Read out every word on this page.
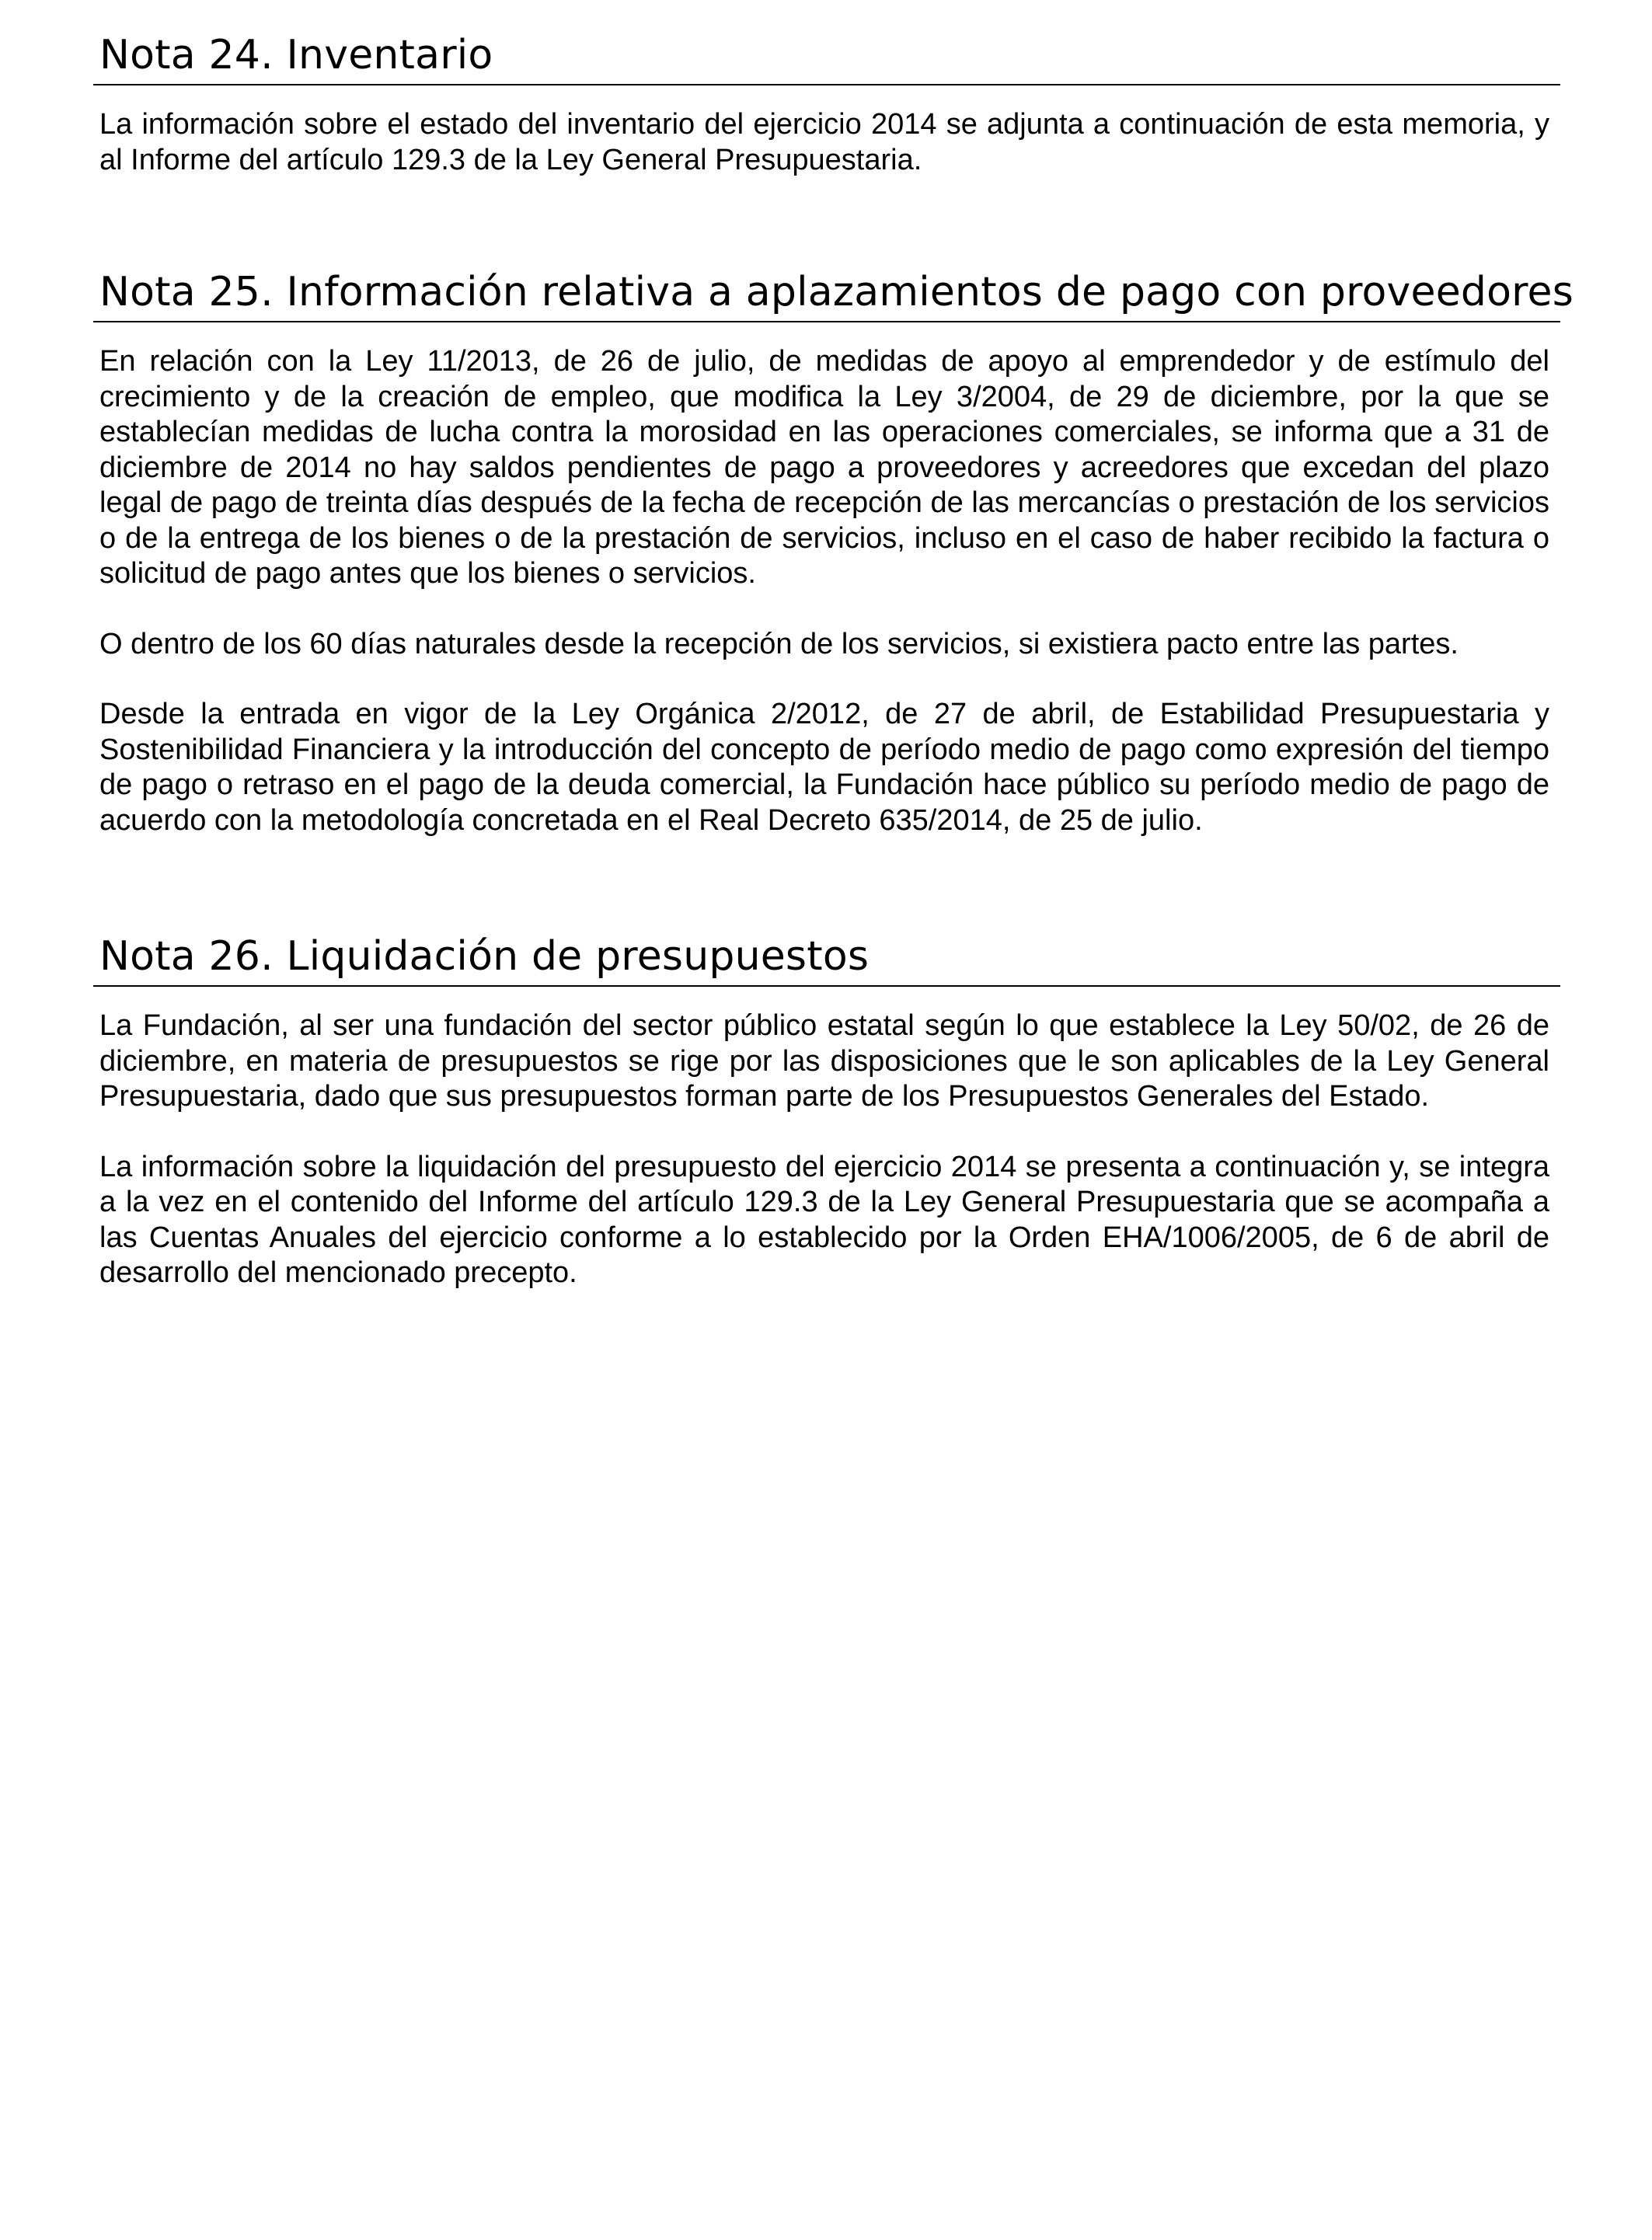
Nota 24. Inventario

La información sobre el estado del inventario del ejercicio 2014 se adjunta a continuación de esta memoria, y al Informe del artículo 129.3 de la Ley General Presupuestaria.

Nota 25. Información relativa a aplazamientos de pago con proveedores

En relación con la Ley 11/2013, de 26 de julio, de medidas de apoyo al emprendedor y de estímulo del crecimiento y de la creación de empleo, que modifica la Ley 3/2004, de 29 de diciembre, por la que se establecían medidas de lucha contra la morosidad en las operaciones comerciales, se informa que a 31 de diciembre de 2014 no hay saldos pendientes de pago a proveedores y acreedores que excedan del plazo legal de pago de treinta días después de la fecha de recepción de las mercancías o prestación de los servicios o de la entrega de los bienes o de la prestación de servicios, incluso en el caso de haber recibido la factura o solicitud de pago antes que los bienes o servicios.

O dentro de los 60 días naturales desde la recepción de los servicios, si existiera pacto entre las partes.

Desde la entrada en vigor de la Ley Orgánica 2/2012, de 27 de abril, de Estabilidad Presupuestaria y Sostenibilidad Financiera y la introducción del concepto de período medio de pago como expresión del tiempo de pago o retraso en el pago de la deuda comercial, la Fundación hace público su período medio de pago de acuerdo con la metodología concretada en el Real Decreto 635/2014, de 25 de julio.

Nota 26. Liquidación de presupuestos

La Fundación, al ser una fundación del sector público estatal según lo que establece la Ley 50/02, de 26 de diciembre, en materia de presupuestos se rige por las disposiciones que le son aplicables de la Ley General Presupuestaria, dado que sus presupuestos forman parte de los Presupuestos Generales del Estado.

La información sobre la liquidación del presupuesto del ejercicio 2014 se presenta a continuación y, se integra a la vez en el contenido del Informe del artículo 129.3 de la Ley General Presupuestaria que se acompaña a las Cuentas Anuales del ejercicio conforme a lo establecido por la Orden EHA/1006/2005, de 6 de abril de desarrollo del mencionado precepto.
